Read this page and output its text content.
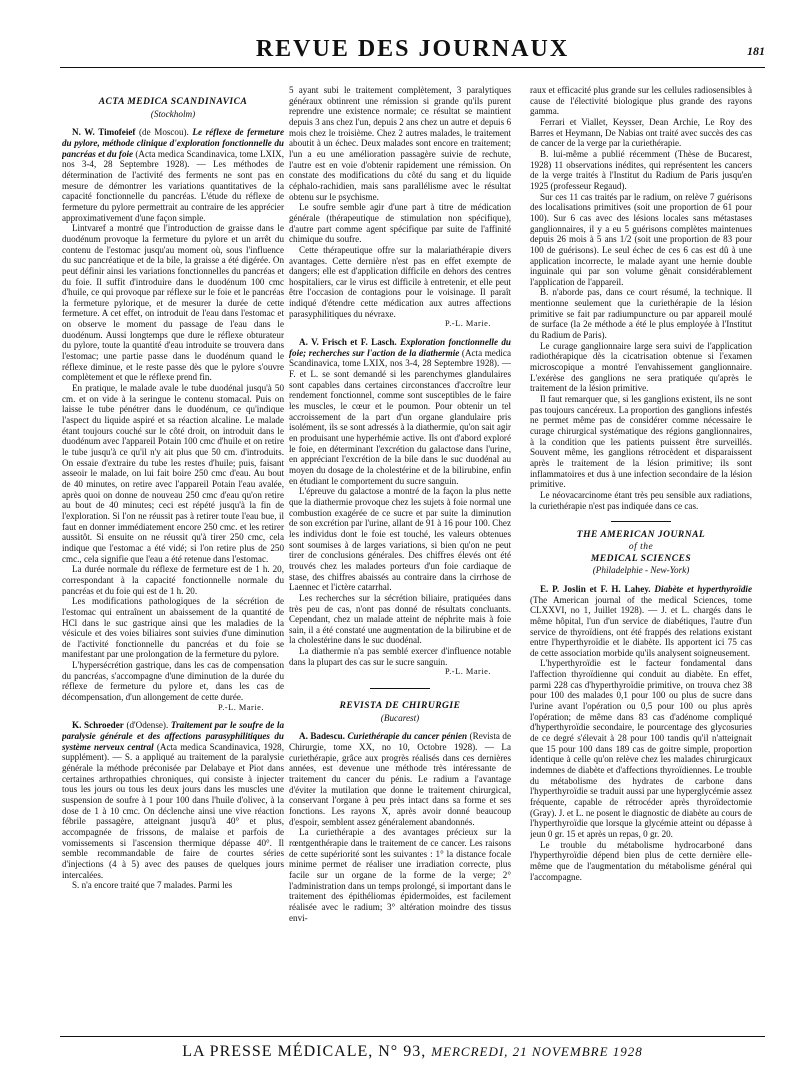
REVUE DES JOURNAUX	181
ACTA MEDICA SCANDINAVICA
(Stockholm)

N. W. Timofeief (de Moscou). Le réflexe de fermeture du pylore, méthode clinique d'exploration fonctionnelle du pancréas et du foie (Acta medica Scandinavica, tome LXIX, nos 3-4, 28 Septembre 1928). — Les méthodes de détermination de l'activité des ferments ne sont pas en mesure de démontrer les variations quantitatives de la capacité fonctionnelle du pancréas. L'étude du réflexe de fermeture du pylore permettrait au contraire de les apprécier approximativement d'une façon simple.

Lintvaref a montré que l'introduction de graisse dans le duodénum provoque la fermeture du pylore et un arrêt du contenu de l'estomac jusqu'au moment où, sous l'influence du suc pancréatique et de la bile, la graisse a été digérée. On peut définir ainsi les variations fonctionnelles du pancréas et du foie. Il suffit d'introduire dans le duodénum 100 cmc d'huile, ce qui provoque par réflexe sur le foie et le pancréas la fermeture pylorique, et de mesurer la durée de cette fermeture. A cet effet, on introduit de l'eau dans l'estomac et on observe le moment du passage de l'eau dans le duodénum. Aussi longtemps que dure le réflexe obturateur du pylore, toute la quantité d'eau introduite se trouvera dans l'estomac; une partie passe dans le duodénum quand le réflexe diminue, et le reste passe dès que le pylore s'ouvre complètement et que le réflexe prend fin.

En pratique, le malade avale le tube duodénal jusqu'à 50 cm. et on vide à la seringue le contenu stomacal. Puis on laisse le tube pénétrer dans le duodénum, ce qu'indique l'aspect du liquide aspiré et sa réaction alcaline. Le malade étant toujours couché sur le côté droit, on introduit dans le duodénum avec l'appareil Potain 100 cmc d'huile et on retire le tube jusqu'à ce qu'il n'y ait plus que 50 cm. d'introduits. On essaie d'extraire du tube les restes d'huile; puis, faisant asseoir le malade, on lui fait boire 250 cmc d'eau. Au bout de 40 minutes, on retire avec l'appareil Potain l'eau avalée, après quoi on donne de nouveau 250 cmc d'eau qu'on retire au bout de 40 minutes; ceci est répété jusqu'à la fin de l'exploration. Si l'on ne réussit pas à retirer toute l'eau bue, il faut en donner immédiatement encore 250 cmc. et les retirer aussitôt. Si ensuite on ne réussit qu'à tirer 250 cmc, cela indique que l'estomac a été vidé; si l'on retire plus de 250 cmc., cela signifie que l'eau a été retenue dans l'estomac.

La durée normale du réflexe de fermeture est de 1 h. 20, correspondant à la capacité fonctionnelle normale du pancréas et du foie qui est de 1 h. 20.

Les modifications pathologiques de la sécrétion de l'estomac qui entraînent un abaissement de la quantité de HCl dans le suc gastrique ainsi que les maladies de la vésicule et des voies biliaires sont suivies d'une diminution de l'activité fonctionnelle du pancréas et du foie se manifestant par une prolongation de la fermeture du pylore.

L'hypersécrétion gastrique, dans les cas de compensation du pancréas, s'accompagne d'une diminution de la durée du réflexe de fermeture du pylore et, dans les cas de décompensation, d'un allongement de cette durée.

P.-L. Marie.

K. Schroeder (d'Odense). Traitement par le soufre de la paralysie générale et des affections parasyphilitiques du système nerveux central (Acta medica Scandinavica, 1928, supplément). — S. a appliqué au traitement de la paralysie générale la méthode préconisée par Delabaye et Piot dans certaines arthropathies chroniques, qui consiste à injecter tous les jours ou tous les deux jours dans les muscles une suspension de soufre à 1 pour 100 dans l'huile d'olivec, à la dose de 1 à 10 cmc. On déclenche ainsi une vive réaction fébrile passagère, atteignant jusqu'à 40° et plus, accompagnée de frissons, de malaise et parfois de vomissements si l'ascension thermique dépasse 40°. Il semble recommandable de faire de courtes séries d'injections (4 à 5) avec des pauses de quelques jours intercalées.

S. n'a encore traité que 7 malades. Parmi les

5 ayant subi le traitement complètement, 3 paralytiques généraux obtinrent une rémission si grande qu'ils purent reprendre une existence normale; ce résultat se maintient depuis 3 ans chez l'un, depuis 2 ans chez un autre et depuis 6 mois chez le troisième. Chez 2 autres malades, le traitement aboutit à un échec. Deux malades sont encore en traitement; l'un a eu une amélioration passagère suivie de rechute, l'autre est en voie d'obtenir rapidement une rémission. On constate des modifications du côté du sang et du liquide céphalo-rachidien, mais sans parallélisme avec le résultat obtenu sur le psychisme.

Le soufre semble agir d'une part à titre de médication générale (thérapeutique de stimulation non spécifique), d'autre part comme agent spécifique par suite de l'affinité chimique du soufre.

Cette thérapeutique offre sur la malariathérapie divers avantages. Cette dernière n'est pas en effet exempte de dangers; elle est d'application difficile en dehors des centres hospitaliers, car le virus est difficile à entretenir, et elle peut être l'occasion de contagions pour le voisinage. Il paraît indiqué d'étendre cette médication aux autres affections parasyphilitiques du névraxe.

P.-L. Marie.

A. V. Frisch et F. Lasch. Exploration fonctionnelle du foie; recherches sur l'action de la diathermie (Acta medica Scandinavica, tome LXIX, nos 3-4, 28 Septembre 1928). — F. et L. se sont demandé si les parenchymes glandulaires sont capables dans certaines circonstances d'accroître leur rendement fonctionnel, comme sont susceptibles de le faire les muscles, le cœur et le poumon. Pour obtenir un tel accroissement de la part d'un organe glandulaire pris isolément, ils se sont adressés à la diathermie, qu'on sait agir en produisant une hyperhémie active. Ils ont d'abord exploré le foie, en déterminant l'excrétion du galactose dans l'urine, en appréciant l'excrétion de la bile dans le suc duodénal au moyen du dosage de la cholestérine et de la bilirubine, enfin en étudiant le comportement du sucre sanguin.

L'épreuve du galactose a montré de la façon la plus nette que la diathermie provoque chez les sujets à foie normal une combustion exagérée de ce sucre et par suite la diminution de son excrétion par l'urine, allant de 91 à 16 pour 100. Chez les individus dont le foie est touché, les valeurs obtenues sont soumises à de larges variations, si bien qu'on ne peut tirer de conclusions générales. Des chiffres élevés ont été trouvés chez les malades porteurs d'un foie cardiaque de stase, des chiffres abaissés au contraire dans la cirrhose de Laennec et l'ictère catarrhal.

Les recherches sur la sécrétion biliaire, pratiquées dans très peu de cas, n'ont pas donné de résultats concluants. Cependant, chez un malade atteint de néphrite mais à foie sain, il a été constaté une augmentation de la bilirubine et de la cholestérine dans le suc duodénal.

La diathermie n'a pas semblé exercer d'influence notable dans la plupart des cas sur le sucre sanguin.

P.-L. Marie.

REVISTA DE CHIRURGIE
(Bucarest)

A. Badescu. Curiethérapie du cancer pénien (Revista de Chirurgie, tome XX, no 10, Octobre 1928). — La curiethérapie, grâce aux progrès réalisés dans ces dernières années, est devenue une méthode très intéressante de traitement du cancer du pénis. Le radium a l'avantage d'éviter la mutilation que donne le traitement chirurgical, conservant l'organe à peu près intact dans sa forme et ses fonctions. Les rayons X, après avoir donné beaucoup d'espoir, semblent assez généralement abandonnés.

La curiethérapie a des avantages précieux sur la rœntgenthérapie dans le traitement de ce cancer. Les raisons de cette supériorité sont les suivantes : 1° la distance focale minime permet de réaliser une irradiation correcte, plus facile sur un organe de la forme de la verge; 2° l'administration dans un temps prolongé, si important dans le traitement des épithéliomas épidermoïdes, est facilement réalisée avec le radium; 3° altération moindre des tissus envi-

raux et efficacité plus grande sur les cellules radiosensibles à cause de l'électivité biologique plus grande des rayons gamma.

Ferrari et Viallet, Keysser, Dean Archie, Le Roy des Barres et Heymann, De Nabias ont traité avec succès des cas de cancer de la verge par la curiethérapie.

B. lui-même a publié récemment (Thèse de Bucarest, 1928) 11 observations inédites, qui représentent les cancers de la verge traités à l'Institut du Radium de Paris jusqu'en 1925 (professeur Regaud).

Sur ces 11 cas traités par le radium, on relève 7 guérisons des localisations primitives (soit une proportion de 61 pour 100). Sur 6 cas avec des lésions locales sans métastases ganglionnaires, il y a eu 5 guérisons complètes maintenues depuis 26 mois à 5 ans 1/2 (soit une proportion de 83 pour 100 de guérisons). Le seul échec de ces 6 cas est dû à une application incorrecte, le malade ayant une hernie double inguinale qui par son volume gênait considérablement l'application de l'appareil.

B. n'aborde pas, dans ce court résumé, la technique. Il mentionne seulement que la curiethérapie de la lésion primitive se fait par radiumpuncture ou par appareil moulé de surface (la 2e méthode a été le plus employée à l'Institut du Radium de Paris).

Le curage ganglionnaire large sera suivi de l'application radiothérapique dès la cicatrisation obtenue si l'examen microscopique a montré l'envahissement ganglionnaire. L'exérèse des ganglions ne sera pratiquée qu'après le traitement de la lésion primitive.

Il faut remarquer que, si les ganglions existent, ils ne sont pas toujours cancéreux. La proportion des ganglions infestés ne permet même pas de considérer comme nécessaire le curage chirurgical systématique des régions ganglionnaires, à la condition que les patients puissent être surveillés. Souvent même, les ganglions rétrocèdent et disparaissent après le traitement de la lésion primitive; ils sont inflammatoires et dus à une infection secondaire de la lésion primitive.

Le néovacarcinome étant très peu sensible aux radiations, la curiethérapie n'est pas indiquée dans ce cas.

THE AMERICAN JOURNAL
of the
MEDICAL SCIENCES
(Philadelphie - New-York)

E. P. Joslin et F. H. Lahey. Diabète et hyperthyroïdie (The American journal of the medical Sciences, tome CLXXVI, no 1, Juillet 1928). — J. et L. chargés dans le même hôpital, l'un d'un service de diabétiques, l'autre d'un service de thyroïdiens, ont été frappés des relations existant entre l'hyperthyroïdie et le diabète. Ils apportent ici 75 cas de cette association morbide qu'ils analysent soigneusement.

L'hyperthyroïdie est le facteur fondamental dans l'affection thyroïdienne qui conduit au diabète. En effet, parmi 228 cas d'hyperthyroïdie primitive, on trouva chez 38 pour 100 des malades 0,1 pour 100 ou plus de sucre dans l'urine avant l'opération ou 0,5 pour 100 ou plus après l'opération; de même dans 83 cas d'adénome compliqué d'hyperthyroïdie secondaire, le pourcentage des glycosuries de ce degré s'élevait à 28 pour 100 tandis qu'il n'atteignait que 15 pour 100 dans 189 cas de goitre simple, proportion identique à celle qu'on relève chez les malades chirurgicaux indemnes de diabète et d'affections thyroïdiennes. Le trouble du métabolisme des hydrates de carbone dans l'hyperthyroïdie se traduit aussi par une hyperglycémie assez fréquente, capable de rétrocéder après thyroïdectomie (Gray). J. et L. ne posent le diagnostic de diabète au cours de l'hyperthyroïdie que lorsque la glycémie atteint ou dépasse à jeun 0 gr. 15 et après un repas, 0 gr. 20.

Le trouble du métabolisme hydrocarboné dans l'hyperthyroïdie dépend bien plus de cette dernière elle-même que de l'augmentation du métabolisme général qui l'accompagne.

LA PRESSE MÉDICALE, N° 93, MERCREDI, 21 NOVEMBRE 1928
